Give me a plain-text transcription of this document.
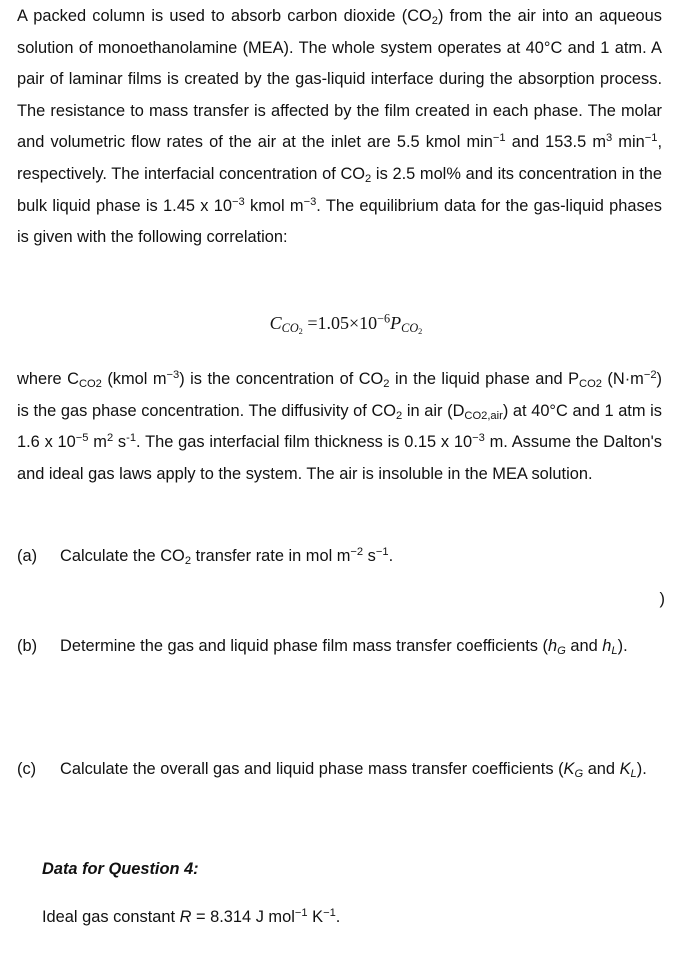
A packed column is used to absorb carbon dioxide $(CO_2)$ from the air into an aqueous solution of monoethanolamine (MEA). The whole system operates at 40°C and 1 atm. A pair of laminar films is created by the gas-liquid interface during the absorption process. The resistance to mass transfer is affected by the film created in each phase. The molar and volumetric flow rates of the air at the inlet are 5.5 kmol $\min^{-1}$ and 153.5 $m^3$ $\min^{-1}$, respectively. The interfacial concentration of $CO_2$ is 2.5 mol% and its concentration in the bulk liquid phase is 1.45 x $10^{-3}$ kmol $m^{-3}$. The equilibrium data for the gas-liquid phases is given with the following correlation:

$C_{CO_2} =1.05\times 10^{-6}P_{CO_2}$

where $C_{CO2}$ (kmol $m^{-3}$) is the concentration of $CO_2$ in the liquid phase and $P_{CO2}$ $(N\cdot m^{-2})$ is the gas phase concentration. The diffusivity of $CO_2$ in air $(D_{CO2,air})$ at 40°C and 1 atm is 1.6 x $10^{-5}$ $m^2$ $s^{-1}$. The gas interfacial film thickness is 0.15 x $10^{-3}$ m. Assume the Dalton's and ideal gas laws apply to the system. The air is insoluble in the MEA solution.

(a) Calculate the $CO_2$ transfer rate in mol $m^{-2}$ $s^{-1}$.
)
(b) Determine the gas and liquid phase film mass transfer coefficients ($h_G$ and $h_L$).
(c) Calculate the overall gas and liquid phase mass transfer coefficients ($K_G$ and $K_L$).
Data for Question 4:
Ideal gas constant R = 8.314 J mol$^{-1}$ $K^{-1}$.
